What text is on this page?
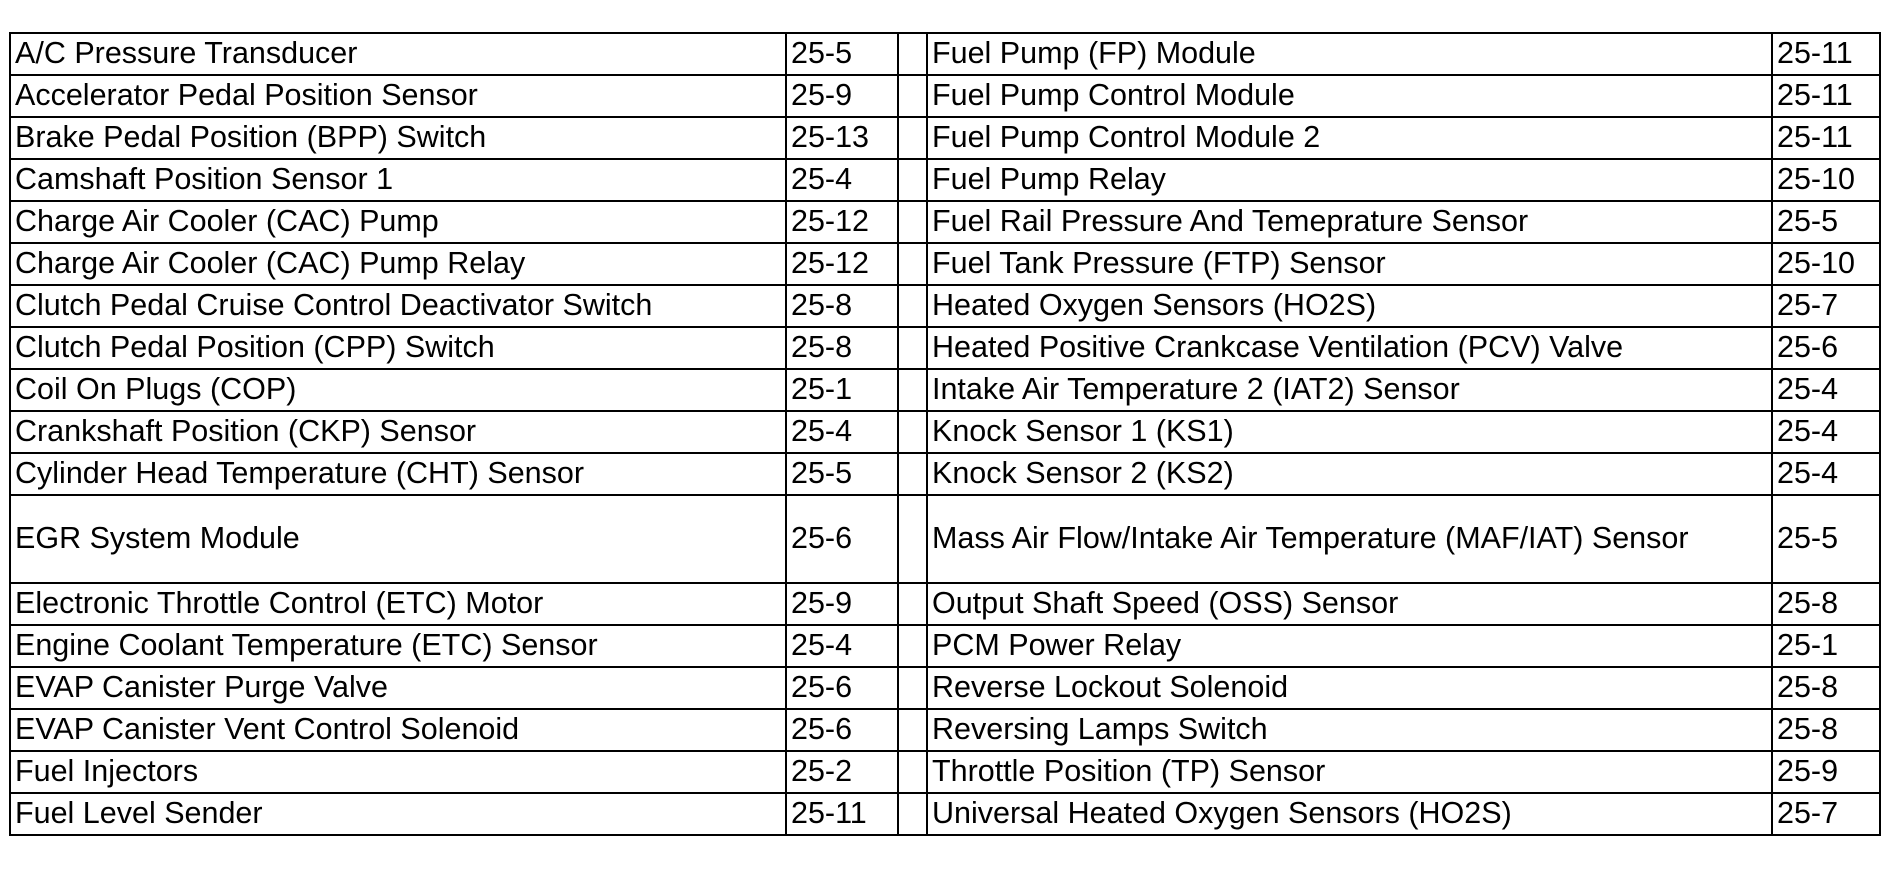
A/C Pressure Transducer	25-5		Fuel Pump (FP) Module	25-11
Accelerator Pedal Position Sensor	25-9		Fuel Pump Control Module	25-11
Brake Pedal Position (BPP) Switch	25-13		Fuel Pump Control Module 2	25-11
Camshaft Position Sensor 1	25-4		Fuel Pump Relay	25-10
Charge Air Cooler (CAC) Pump	25-12		Fuel Rail Pressure And Temeprature Sensor	25-5
Charge Air Cooler (CAC) Pump Relay	25-12		Fuel Tank Pressure (FTP) Sensor	25-10
Clutch Pedal Cruise Control Deactivator Switch	25-8		Heated Oxygen Sensors (HO2S)	25-7
Clutch Pedal Position (CPP) Switch	25-8		Heated Positive Crankcase Ventilation (PCV) Valve	25-6
Coil On Plugs (COP)	25-1		Intake Air Temperature 2 (IAT2) Sensor	25-4
Crankshaft Position (CKP) Sensor	25-4		Knock Sensor 1 (KS1)	25-4
Cylinder Head Temperature (CHT) Sensor	25-5		Knock Sensor 2 (KS2)	25-4
EGR System Module	25-6		Mass Air Flow/Intake Air Temperature (MAF/IAT) Sensor	25-5
Electronic Throttle Control (ETC) Motor	25-9		Output Shaft Speed (OSS) Sensor	25-8
Engine Coolant Temperature (ETC) Sensor	25-4		PCM Power Relay	25-1
EVAP Canister Purge Valve	25-6		Reverse Lockout Solenoid	25-8
EVAP Canister Vent Control Solenoid	25-6		Reversing Lamps Switch	25-8
Fuel Injectors	25-2		Throttle Position (TP) Sensor	25-9
Fuel Level Sender	25-11		Universal Heated Oxygen Sensors (HO2S)	25-7
